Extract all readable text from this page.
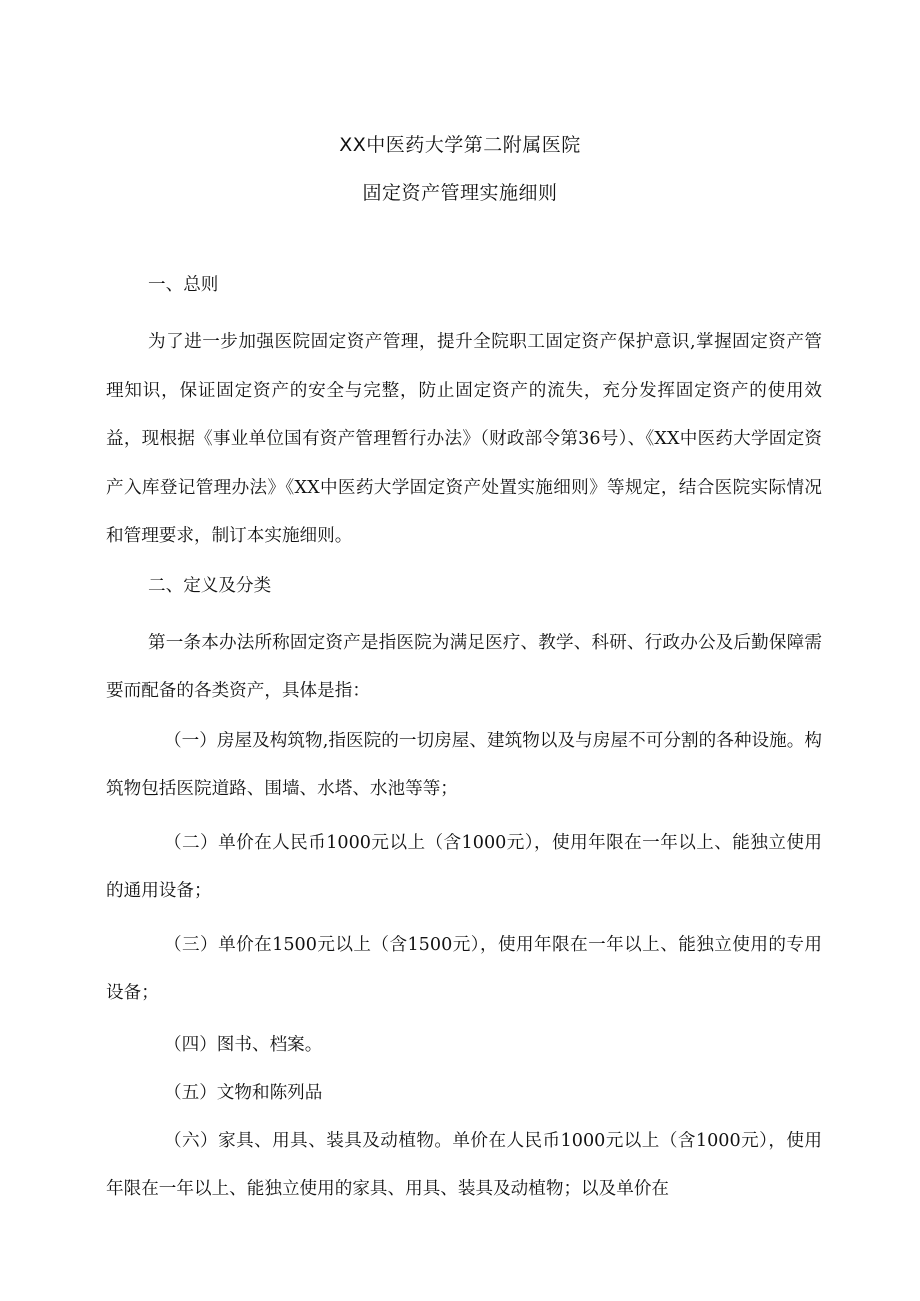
XX中医药大学第二附属医院
固定资产管理实施细则

一、总则

为了进一步加强医院固定资产管理，提升全院职工固定资产保护意识,掌握固定资产管理知识，保证固定资产的安全与完整，防止固定资产的流失，充分发挥固定资产的使用效益，现根据《事业单位国有资产管理暂行办法》（财政部令第36号）、《XX中医药大学固定资产入库登记管理办法》《XX中医药大学固定资产处置实施细则》等规定，结合医院实际情况和管理要求，制订本实施细则。

二、定义及分类

第一条本办法所称固定资产是指医院为满足医疗、教学、科研、行政办公及后勤保障需要而配备的各类资产，具体是指：

（一）房屋及构筑物,指医院的一切房屋、建筑物以及与房屋不可分割的各种设施。构筑物包括医院道路、围墙、水塔、水池等等；

（二）单价在人民币1000元以上（含1000元），使用年限在一年以上、能独立使用的通用设备；

（三）单价在1500元以上（含1500元），使用年限在一年以上、能独立使用的专用设备；

（四）图书、档案。

（五）文物和陈列品

（六）家具、用具、装具及动植物。单价在人民币1000元以上（含1000元），使用年限在一年以上、能独立使用的家具、用具、装具及动植物；以及单价在
